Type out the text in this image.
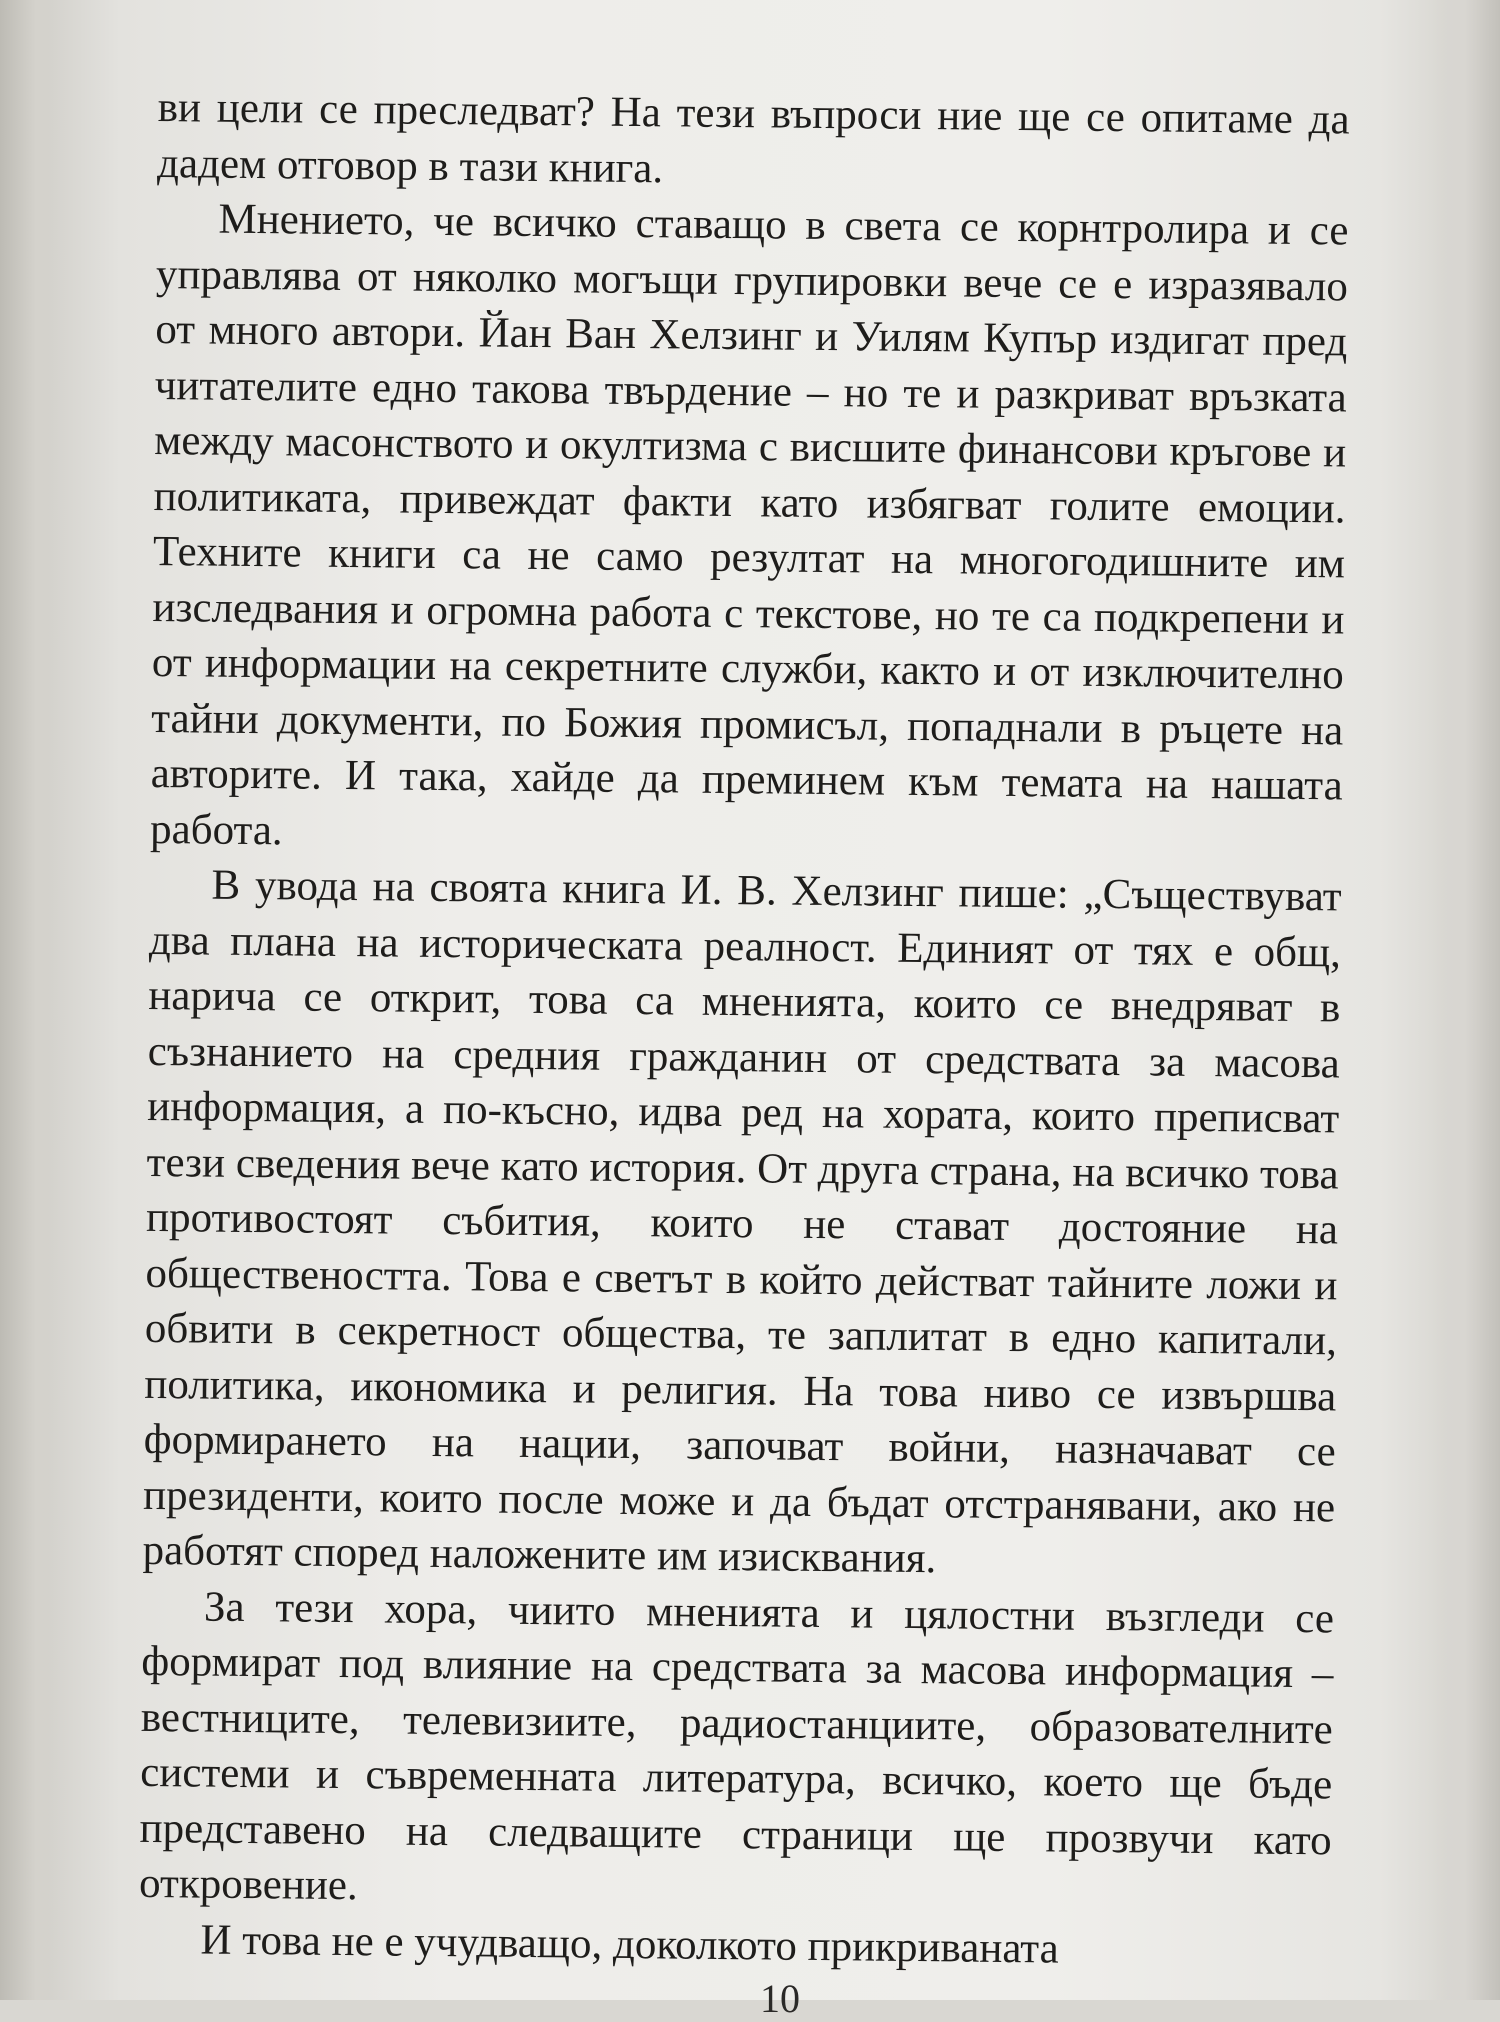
ви цели се преследват? На тези въпроси ние ще се опитаме да дадем отговор в тази книга.

Мнението, че всичко ставащо в света се корнтролира и се управлява от няколко могъщи групировки вече се е изразявало от много автори. Йан Ван Хелзинг и Уилям Купър издигат пред читателите едно такова твърдение – но те и разкриват връзката между масонството и окултизма с висшите финансови кръгове и политиката, привеждат факти като избягват голите емоции. Техните книги са не само резултат на многогодишните им изследвания и огромна работа с текстове, но те са подкрепени и от информации на секретните служби, както и от изключително тайни документи, по Божия промисъл, попаднали в ръцете на авторите. И така, хайде да преминем към темата на нашата работа.

В увода на своята книга И. В. Хелзинг пише: „Съществуват два плана на историческата реалност. Единият от тях е общ, нарича се открит, това са мненията, които се внедряват в съзнанието на средния гражданин от средствата за масова информация, а по-късно, идва ред на хората, които преписват тези сведения вече като история. От друга страна, на всичко това противостоят събития, които не стават достояние на обществеността. Това е светът в който действат тайните ложи и обвити в секретност общества, те заплитат в едно капитали, политика, икономика и религия. На това ниво се извършва формирането на нации, започват войни, назначават се президенти, които после може и да бъдат отстранявани, ако не работят според наложените им изисквания.

За тези хора, чиито мненията и цялостни възгледи се формират под влияние на средствата за масова информация – вестниците, телевизиите, радиостанциите, образователните системи и съвременната литература, всичко, което ще бъде представено на следващите страници ще прозвучи като откровение.

И това не е учудващо, доколкото прикриваната

10
